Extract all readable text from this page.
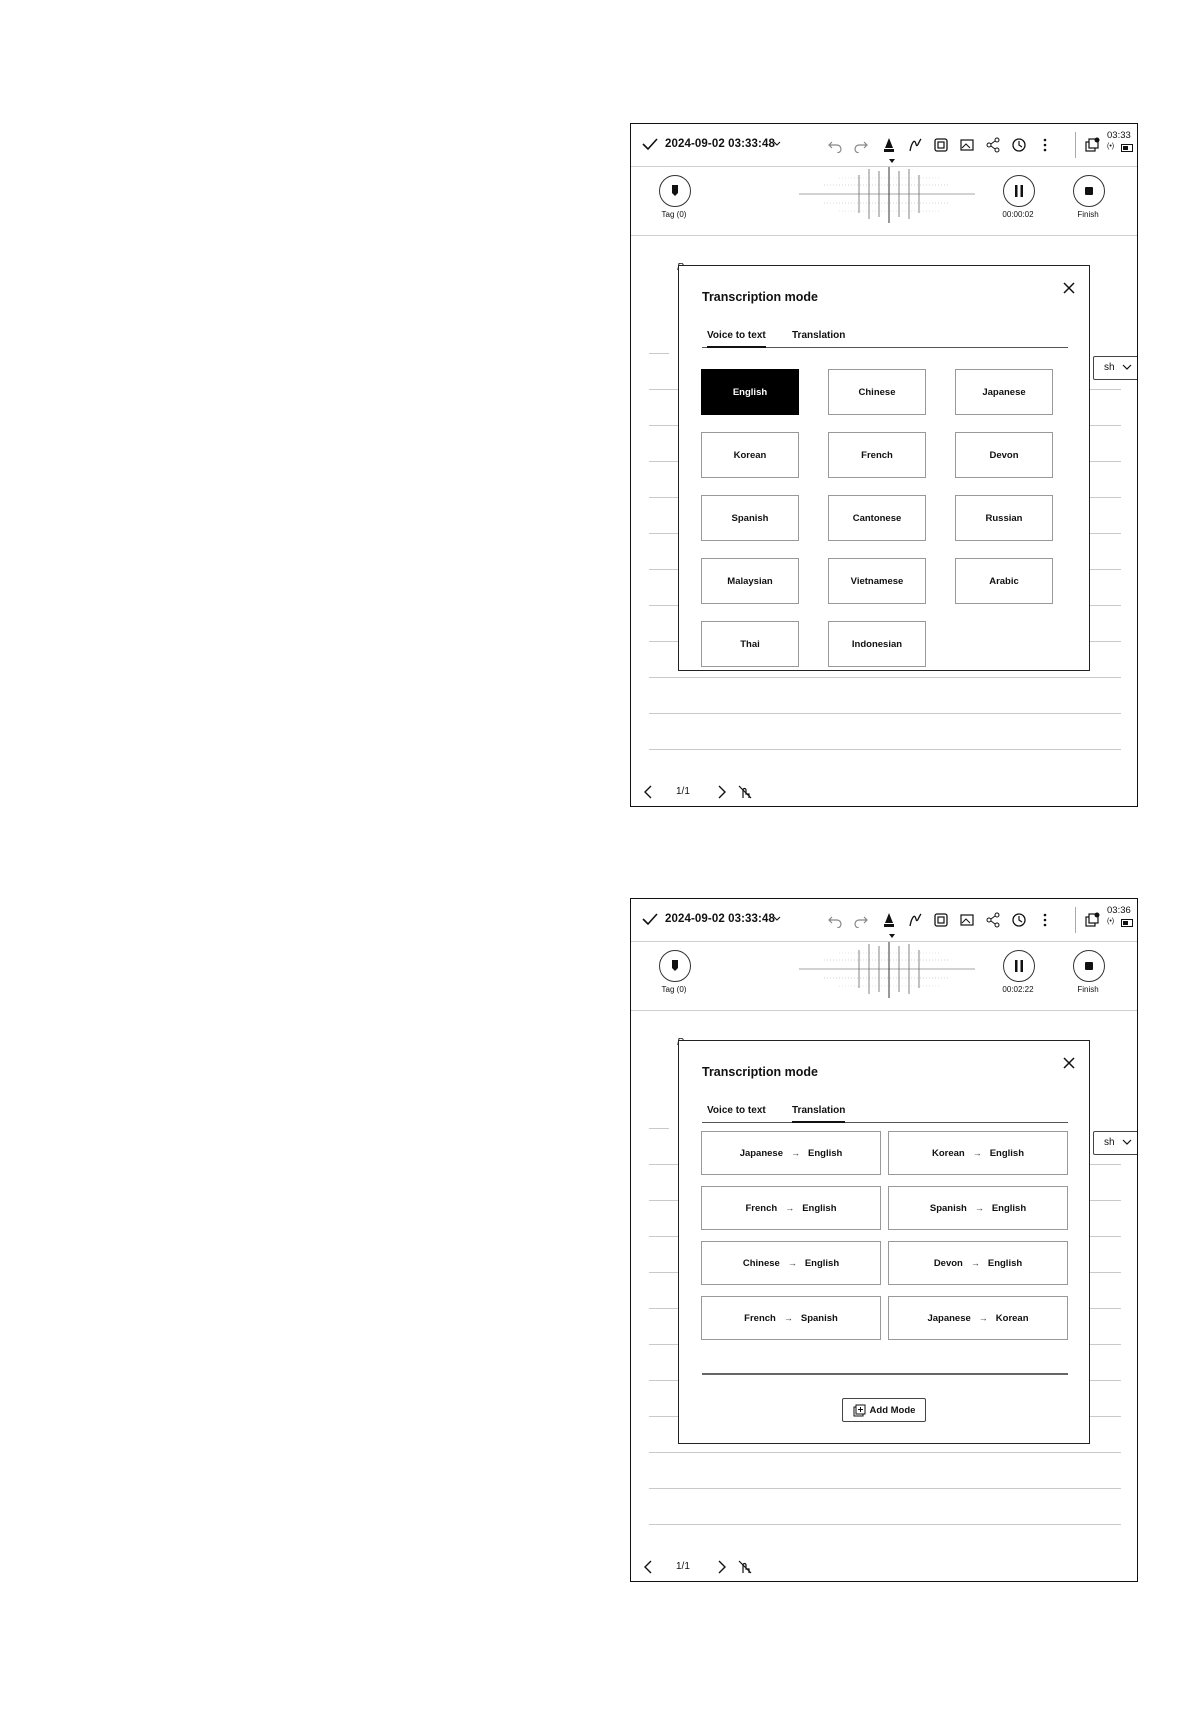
2024-09-02 03:33:48
03:33
(•)
Tag (0)	00:00:02	Finish
sh
1/1
Transcription mode
Voice to text	Translation
English	Chinese	Japanese
Korean	French	Devon
Spanish	Cantonese	Russian
Malaysian	Vietnamese	Arabic
Thai	Indonesian
2024-09-02 03:33:48
03:36
(•)
Tag (0)	00:02:22	Finish
sh
1/1
Transcription mode
Voice to text	Translation
Japanese → English	Korean → English
French → English	Spanish → English
Chinese → English	Devon → English
French → Spanish	Japanese → Korean
Add Mode
